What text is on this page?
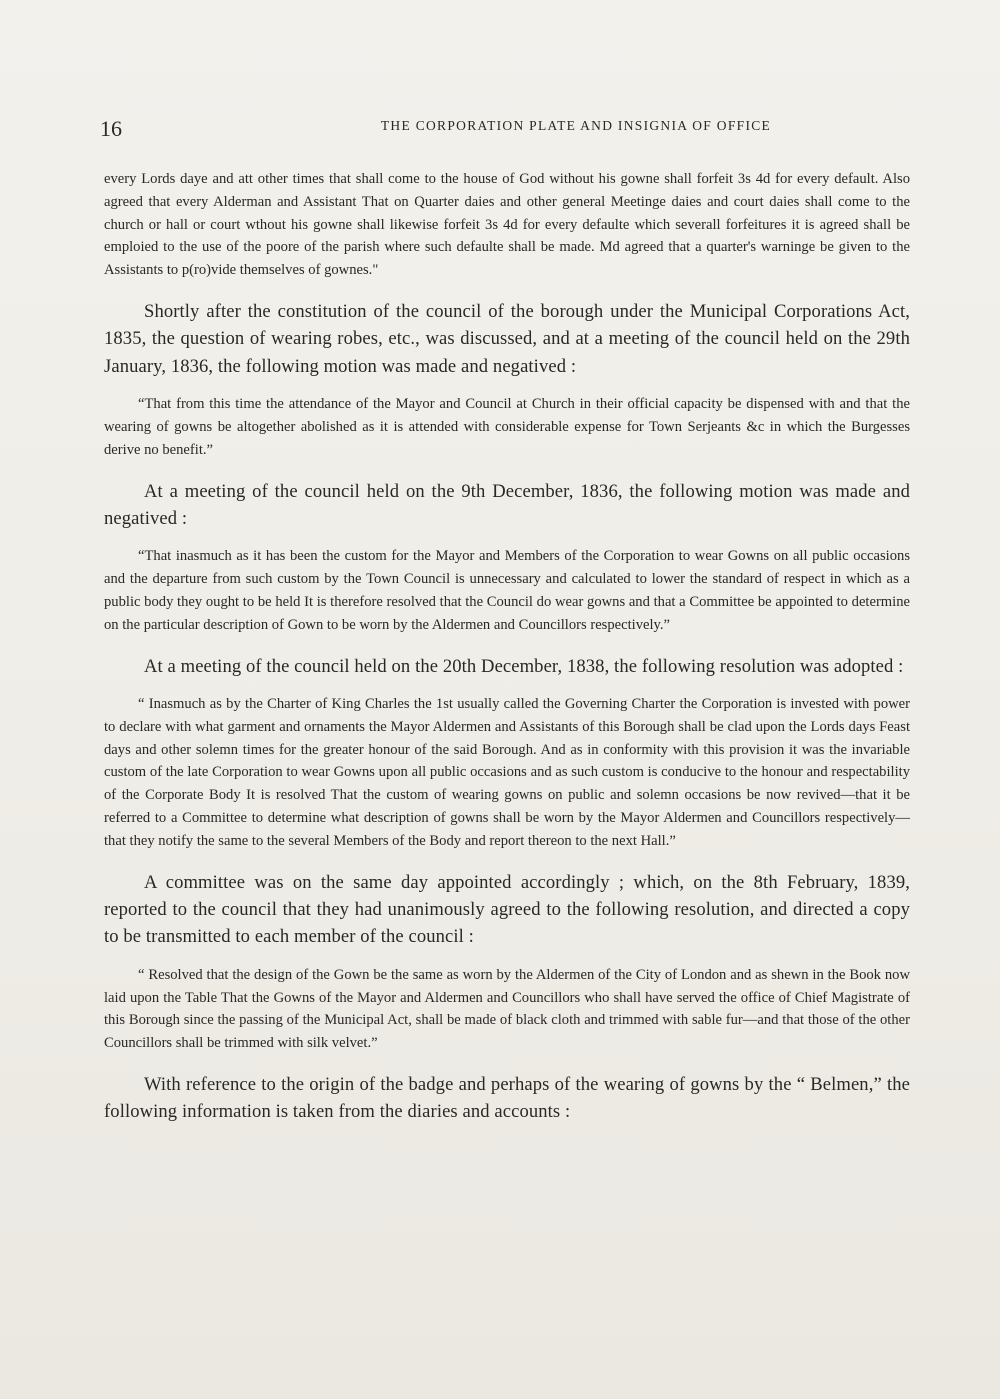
16	THE CORPORATION PLATE AND INSIGNIA OF OFFICE

every Lords daye and att other times that shall come to the house of God without his gowne shall forfeit 3s 4d for every default. Also agreed that every Alderman and Assistant That on Quarter daies and other general Meetinge daies and court daies shall come to the church or hall or court wthout his gowne shall likewise forfeit 3s 4d for every defaulte which severall forfeitures it is agreed shall be emploied to the use of the poore of the parish where such defaulte shall be made. Md agreed that a quarter's warninge be given to the Assistants to p(ro)vide themselves of gownes."

Shortly after the constitution of the council of the borough under the Municipal Corporations Act, 1835, the question of wearing robes, etc., was discussed, and at a meeting of the council held on the 29th January, 1836, the following motion was made and negatived :

“That from this time the attendance of the Mayor and Council at Church in their official capacity be dispensed with and that the wearing of gowns be altogether abolished as it is attended with considerable expense for Town Serjeants &c in which the Burgesses derive no benefit.”

At a meeting of the council held on the 9th December, 1836, the following motion was made and negatived :

“That inasmuch as it has been the custom for the Mayor and Members of the Corporation to wear Gowns on all public occasions and the departure from such custom by the Town Council is unnecessary and calculated to lower the standard of respect in which as a public body they ought to be held It is therefore resolved that the Council do wear gowns and that a Committee be appointed to determine on the particular description of Gown to be worn by the Aldermen and Councillors respectively.”

At a meeting of the council held on the 20th December, 1838, the following resolution was adopted :

“ Inasmuch as by the Charter of King Charles the 1st usually called the Governing Charter the Corporation is invested with power to declare with what garment and ornaments the Mayor Aldermen and Assistants of this Borough shall be clad upon the Lords days Feast days and other solemn times for the greater honour of the said Borough. And as in conformity with this provision it was the invariable custom of the late Corporation to wear Gowns upon all public occasions and as such custom is conducive to the honour and respectability of the Corporate Body It is resolved That the custom of wearing gowns on public and solemn occasions be now revived—that it be referred to a Committee to determine what description of gowns shall be worn by the Mayor Aldermen and Councillors respectively—that they notify the same to the several Members of the Body and report thereon to the next Hall.”

A committee was on the same day appointed accordingly ; which, on the 8th February, 1839, reported to the council that they had unanimously agreed to the following resolution, and directed a copy to be transmitted to each member of the council :

“ Resolved that the design of the Gown be the same as worn by the Aldermen of the City of London and as shewn in the Book now laid upon the Table That the Gowns of the Mayor and Aldermen and Councillors who shall have served the office of Chief Magistrate of this Borough since the passing of the Municipal Act, shall be made of black cloth and trimmed with sable fur—and that those of the other Councillors shall be trimmed with silk velvet.”

With reference to the origin of the badge and perhaps of the wearing of gowns by the “ Belmen,” the following information is taken from the diaries and accounts :
